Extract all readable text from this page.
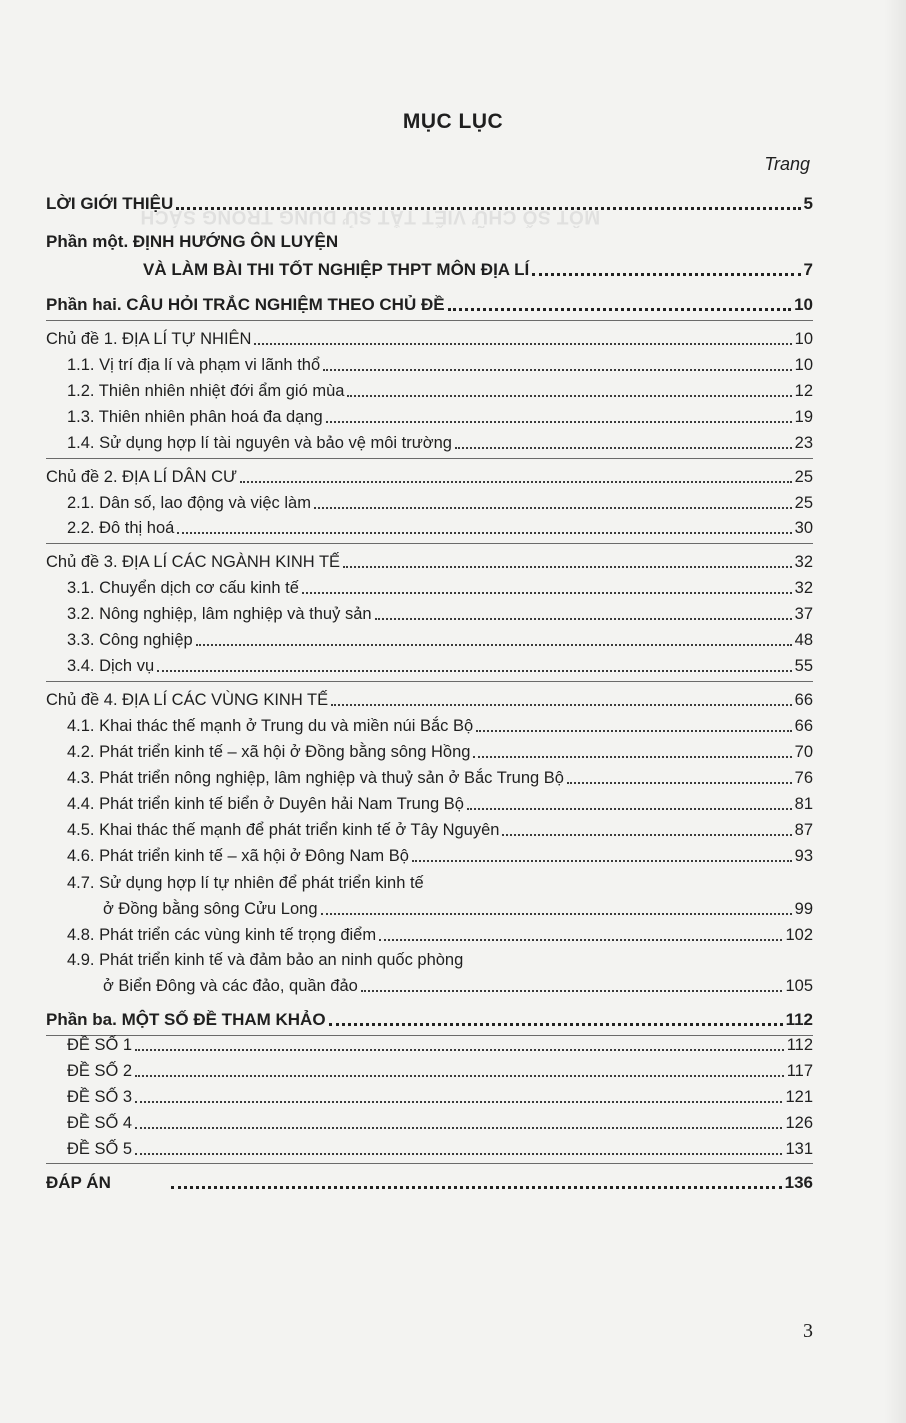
MỘT SỐ CHỮ VIẾT TẮT SỬ DỤNG TRONG SÁCH
MỤC LỤC
Trang
LỜI GIỚI THIỆU	5
Phần một. ĐỊNH HƯỚNG ÔN LUYỆN
VÀ LÀM BÀI THI TỐT NGHIỆP THPT MÔN ĐỊA LÍ	7
Phần hai. CÂU HỎI TRẮC NGHIỆM THEO CHỦ ĐỀ	10
Chủ đề 1. ĐỊA LÍ TỰ NHIÊN	10
1.1. Vị trí địa lí và phạm vi lãnh thổ	10
1.2. Thiên nhiên nhiệt đới ẩm gió mùa	12
1.3. Thiên nhiên phân hoá đa dạng	19
1.4. Sử dụng hợp lí tài nguyên và bảo vệ môi trường	23
Chủ đề 2. ĐỊA LÍ DÂN CƯ	25
2.1. Dân số, lao động và việc làm	25
2.2. Đô thị hoá	30
Chủ đề 3. ĐỊA LÍ CÁC NGÀNH KINH TẾ	32
3.1. Chuyển dịch cơ cấu kinh tế	32
3.2. Nông nghiệp, lâm nghiệp và thuỷ sản	37
3.3. Công nghiệp	48
3.4. Dịch vụ	55
Chủ đề 4. ĐỊA LÍ CÁC VÙNG KINH TẾ	66
4.1. Khai thác thế mạnh ở Trung du và miền núi Bắc Bộ	66
4.2. Phát triển kinh tế – xã hội ở Đồng bằng sông Hồng	70
4.3. Phát triển nông nghiệp, lâm nghiệp và thuỷ sản ở Bắc Trung Bộ	76
4.4. Phát triển kinh tế biển ở Duyên hải Nam Trung Bộ	81
4.5. Khai thác thế mạnh để phát triển kinh tế ở Tây Nguyên	87
4.6. Phát triển kinh tế – xã hội ở Đông Nam Bộ	93
4.7. Sử dụng hợp lí tự nhiên để phát triển kinh tế
ở Đồng bằng sông Cửu Long	99
4.8. Phát triển các vùng kinh tế trọng điểm	102
4.9. Phát triển kinh tế và đảm bảo an ninh quốc phòng
ở Biển Đông và các đảo, quần đảo	105
Phần ba. MỘT SỐ ĐỀ THAM KHẢO	112
ĐỀ SỐ 1	112
ĐỀ SỐ 2	117
ĐỀ SỐ 3	121
ĐỀ SỐ 4	126
ĐỀ SỐ 5	131
ĐÁP ÁN	136
3
